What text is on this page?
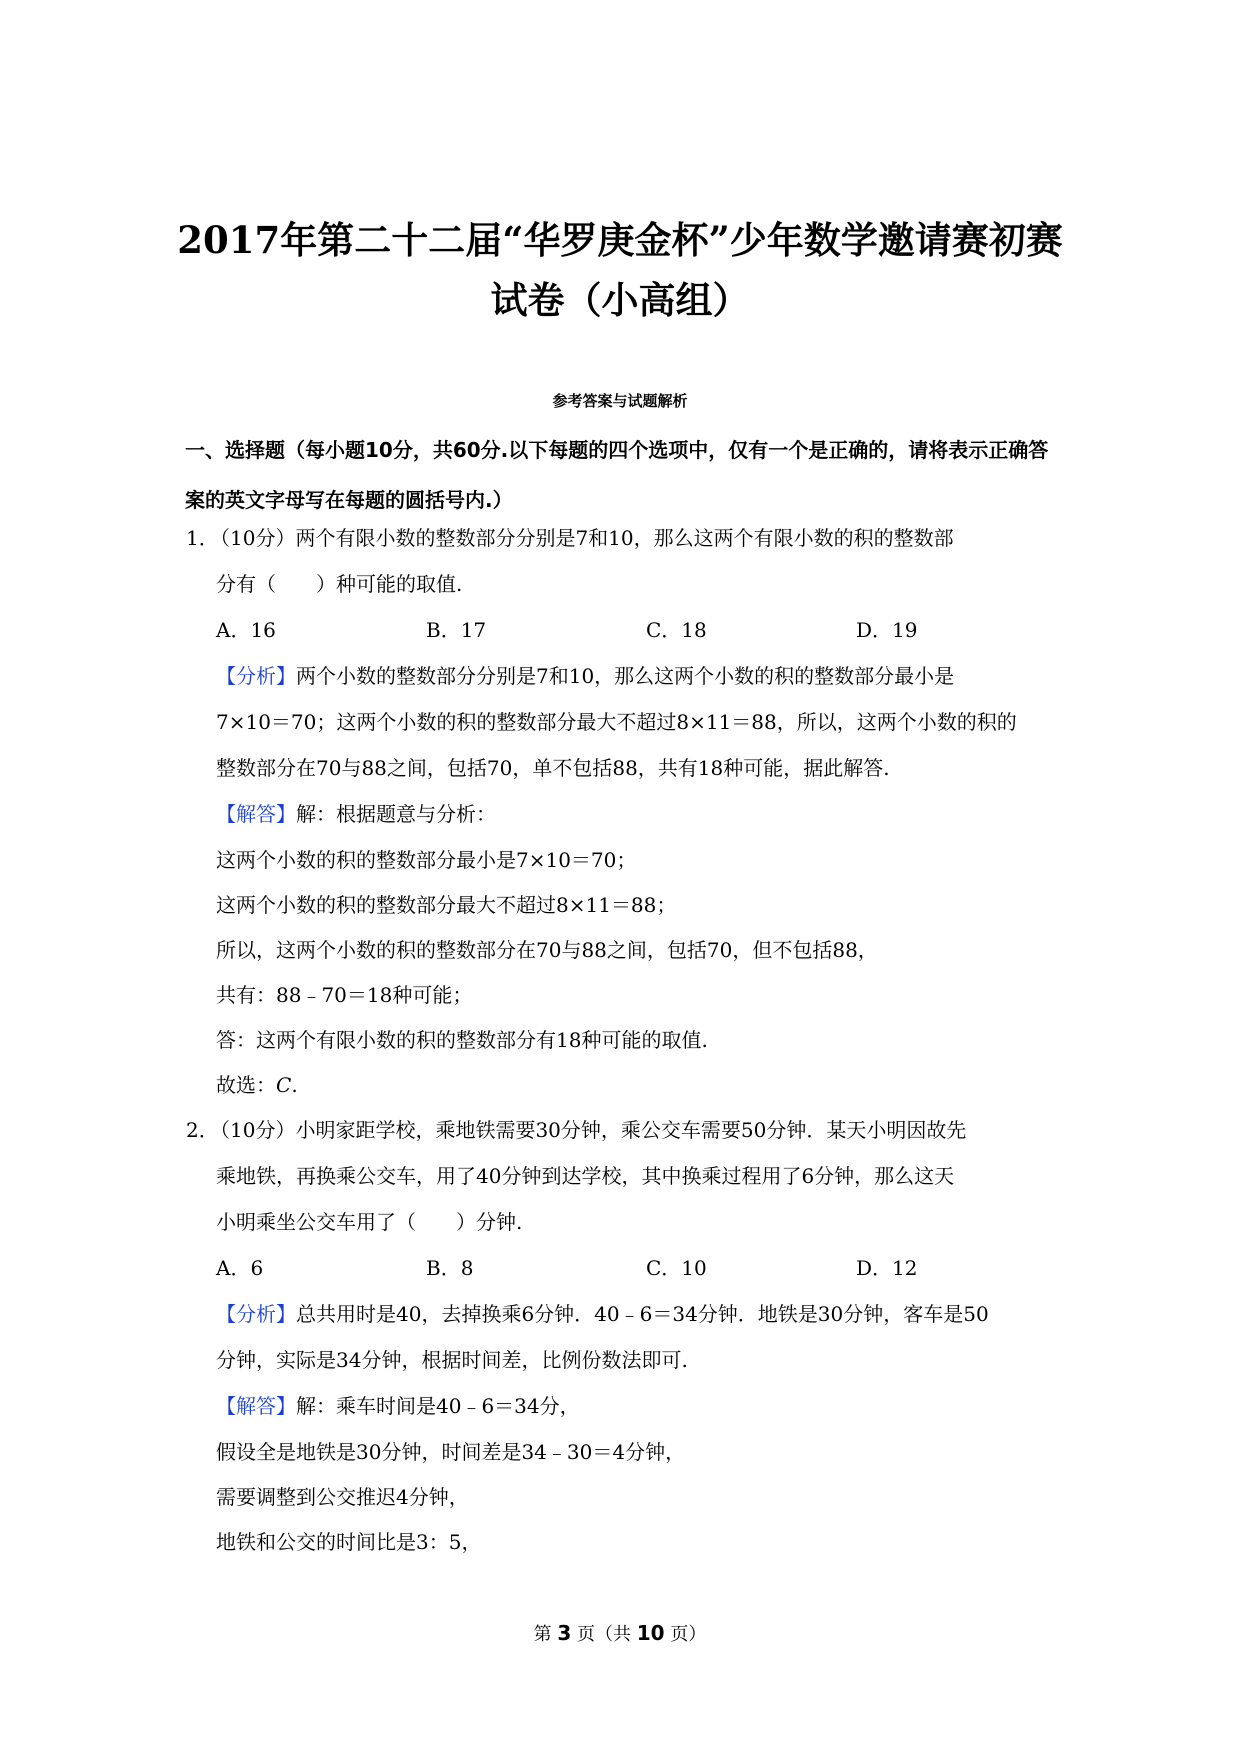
2017年第二十二届“华罗庚金杯”少年数学邀请赛初赛
试卷（小高组）
参考答案与试题解析
一、选择题（每小题10分，共60分.以下每题的四个选项中，仅有一个是正确的，请将表示正确答案的英文字母写在每题的圆括号内.）
1．
（10分）两个有限小数的整数部分分别是7和10，那么这两个有限小数的积的整数部
分有（　　）种可能的取值.
A．16	B．17	C．18	D．19
【分析】两个小数的整数部分分别是7和10，那么这两个小数的积的整数部分最小是
7×10＝70；这两个小数的积的整数部分最大不超过8×11＝88，所以，这两个小数的积的
整数部分在70与88之间，包括70，单不包括88，共有18种可能，据此解答.
【解答】解：根据题意与分析：
这两个小数的积的整数部分最小是7×10＝70；
这两个小数的积的整数部分最大不超过8×11＝88；
所以，这两个小数的积的整数部分在70与88之间，包括70，但不包括88，
共有：88﹣70＝18种可能；
答：这两个有限小数的积的整数部分有18种可能的取值.
故选：C.
2．
（10分）小明家距学校，乘地铁需要30分钟，乘公交车需要50分钟．某天小明因故先
乘地铁，再换乘公交车，用了40分钟到达学校，其中换乘过程用了6分钟，那么这天
小明乘坐公交车用了（　　）分钟.
A．6	B．8	C．10	D．12
【分析】总共用时是40，去掉换乘6分钟．40﹣6＝34分钟．地铁是30分钟，客车是50
分钟，实际是34分钟，根据时间差，比例份数法即可.
【解答】解：乘车时间是40﹣6＝34分，
假设全是地铁是30分钟，时间差是34﹣30＝4分钟，
需要调整到公交推迟4分钟，
地铁和公交的时间比是3：5，
第 3 页（共 10 页）
